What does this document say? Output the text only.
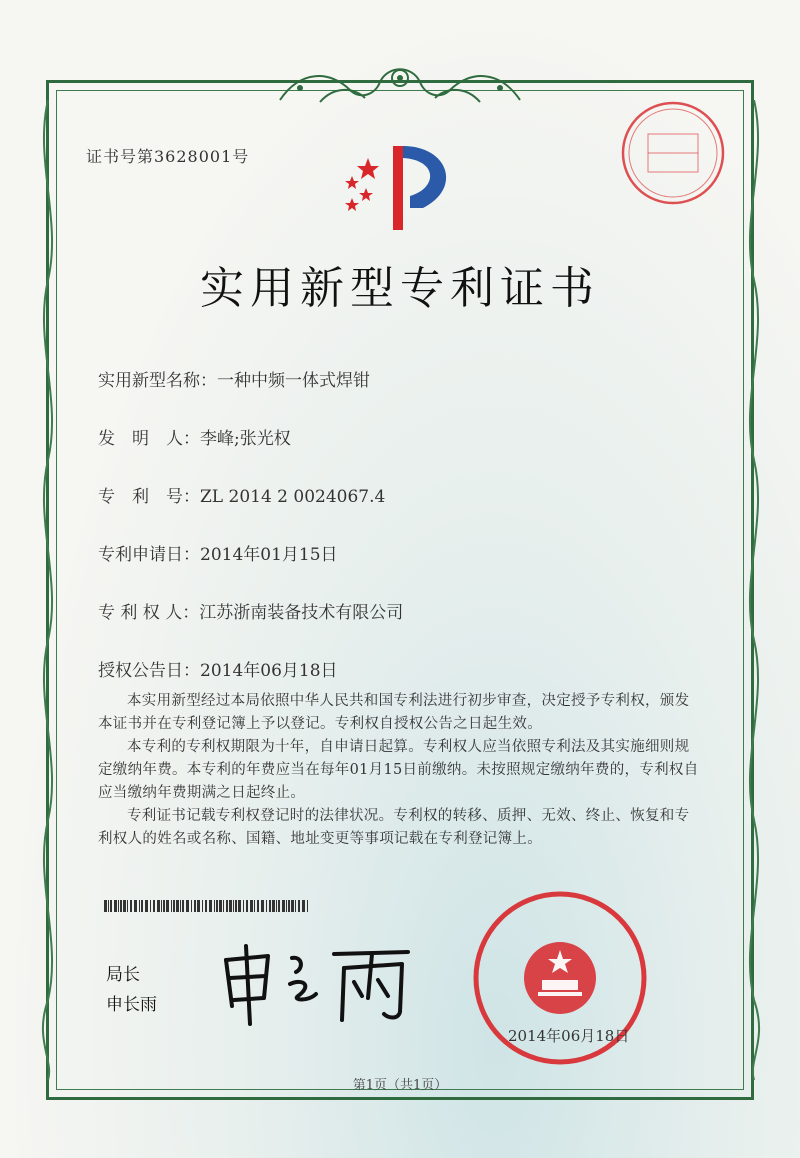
证书号第3628001号
实用新型专利证书
实用新型名称：一种中频一体式焊钳
发　明　人：李峰;张光权
专　利　号：ZL 2014 2 0024067.4
专利申请日：2014年01月15日
专 利 权 人：江苏浙南装备技术有限公司
授权公告日：2014年06月18日

本实用新型经过本局依照中华人民共和国专利法进行初步审查，决定授予专利权，颁发本证书并在专利登记簿上予以登记。专利权自授权公告之日起生效。

本专利的专利权期限为十年，自申请日起算。专利权人应当依照专利法及其实施细则规定缴纳年费。本专利的年费应当在每年01月15日前缴纳。未按照规定缴纳年费的，专利权自应当缴纳年费期满之日起终止。

专利证书记载专利权登记时的法律状况。专利权的转移、质押、无效、终止、恢复和专利权人的姓名或名称、国籍、地址变更等事项记载在专利登记簿上。

局长
申长雨
2014年06月18日
第1页（共1页）
